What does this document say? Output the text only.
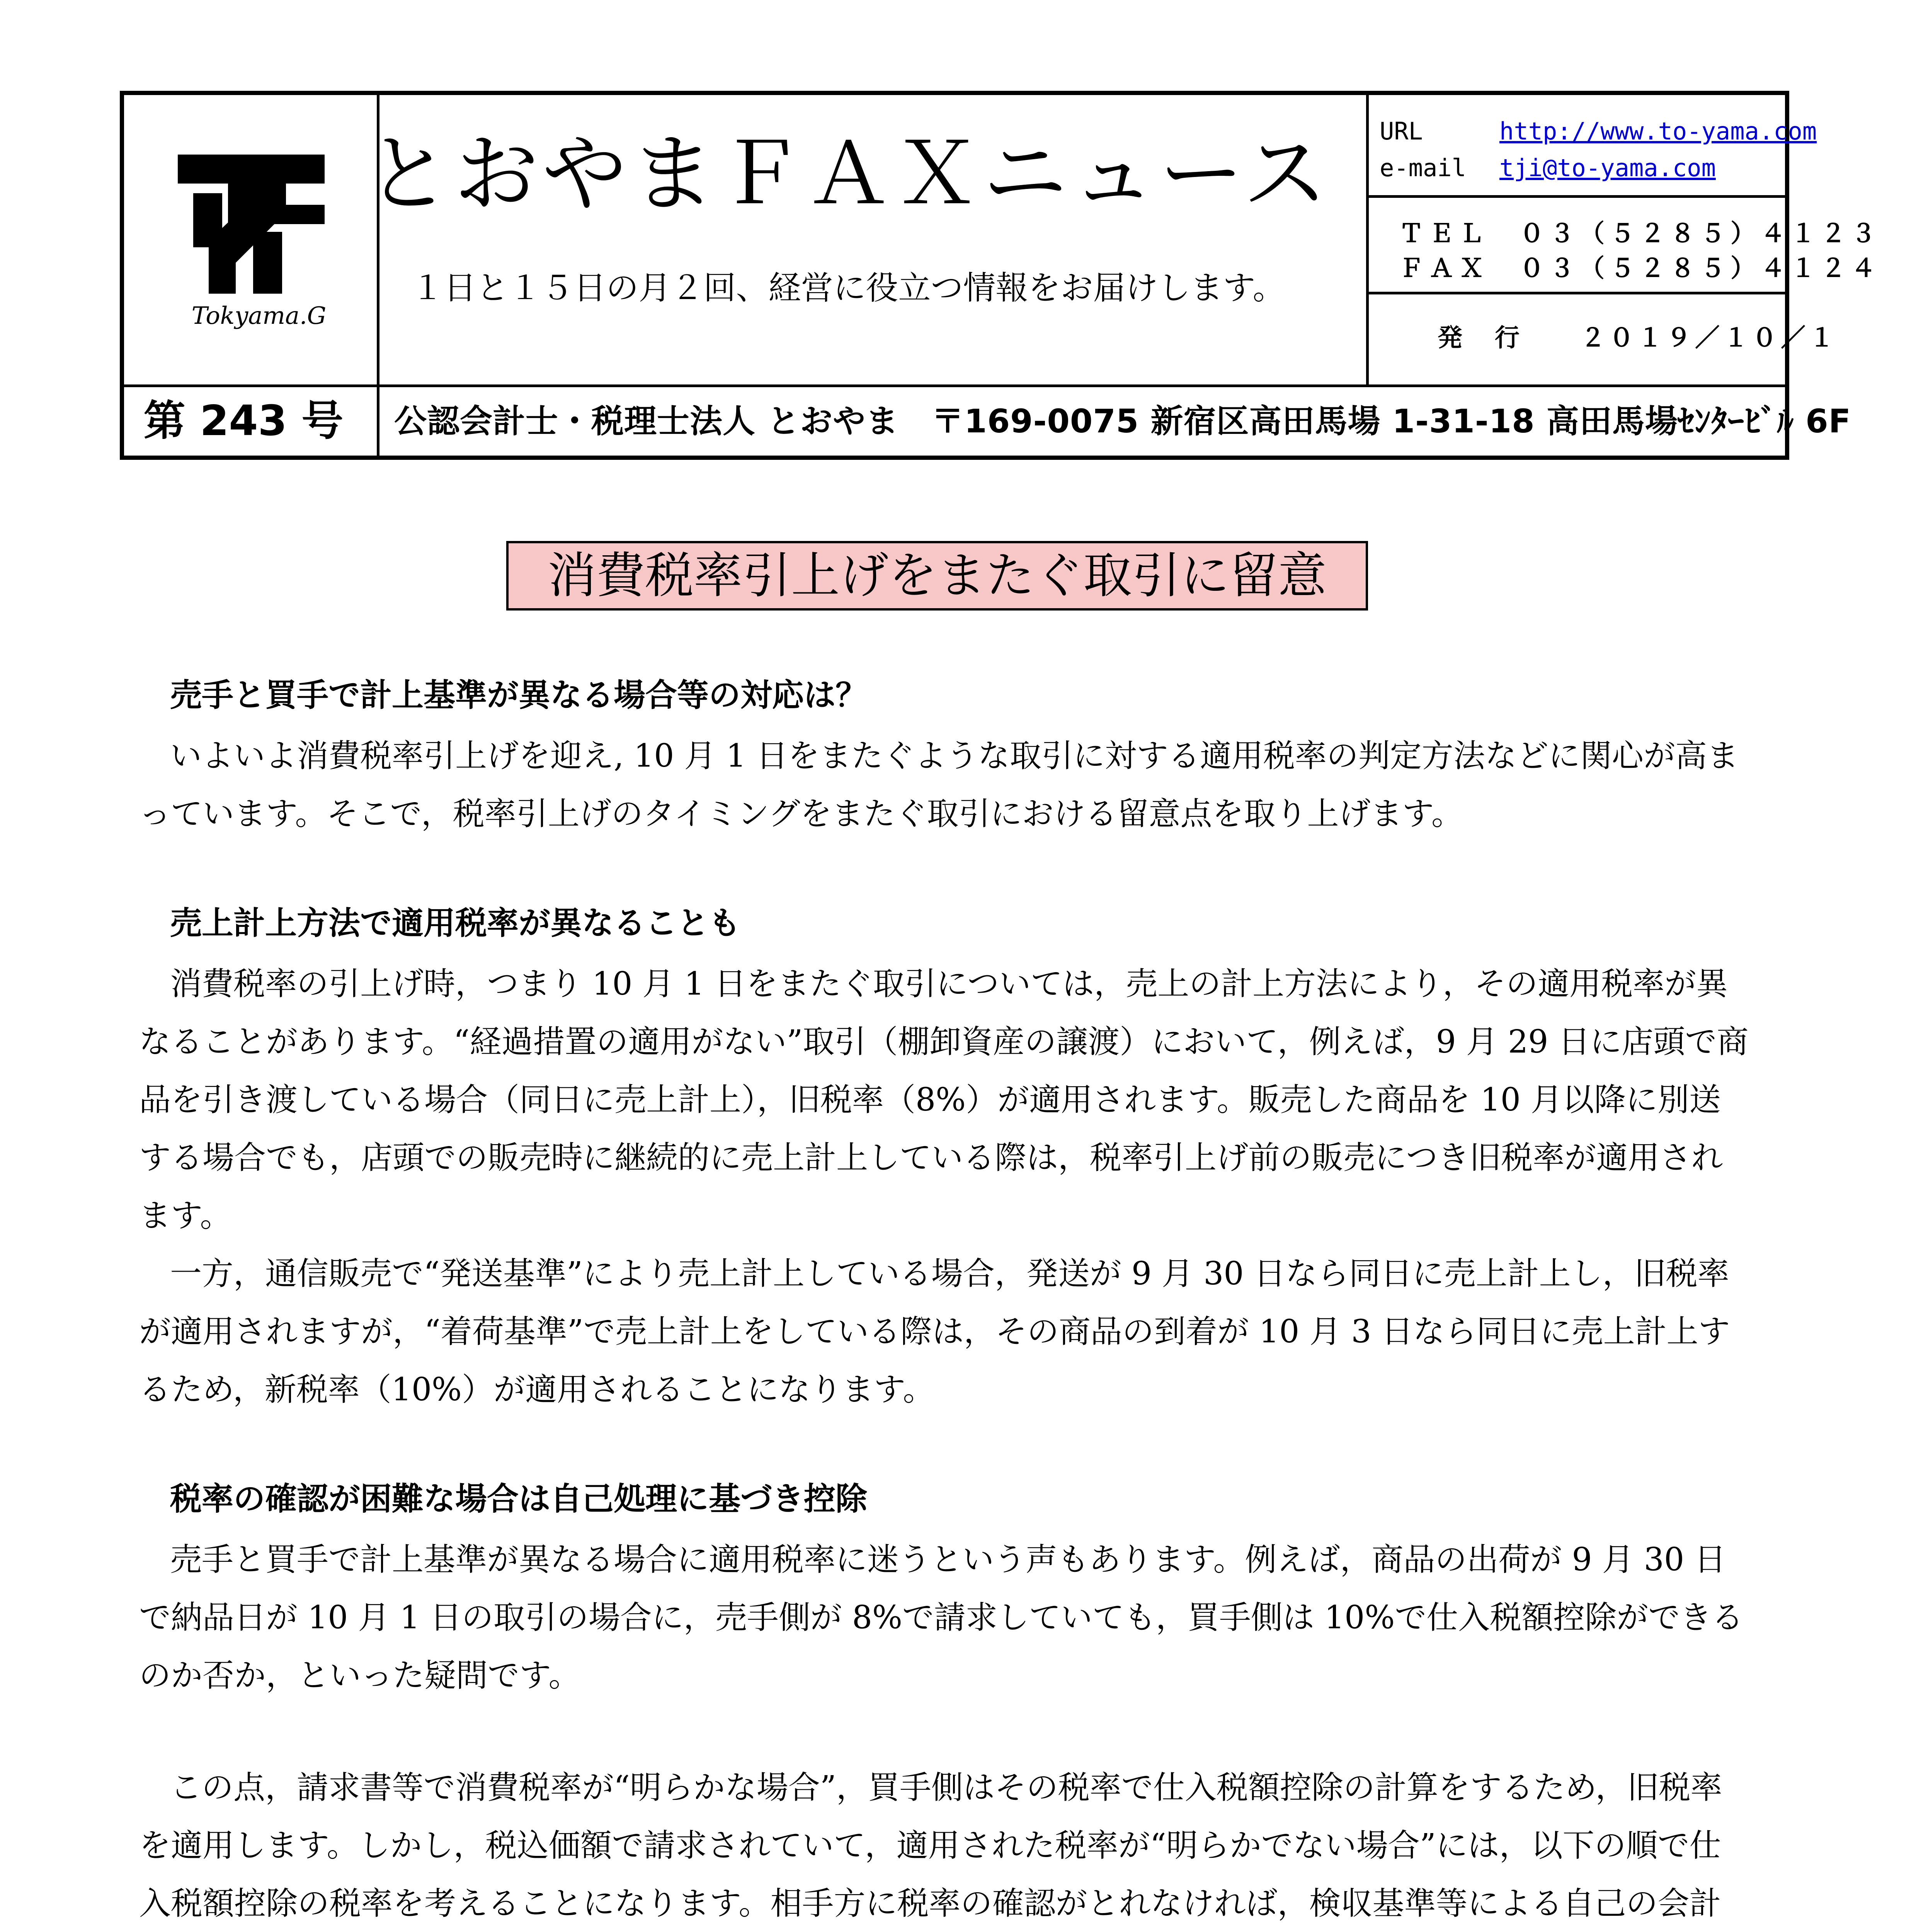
Tokyama.G
とおやまＦＡＸニュース
１日と１５日の月２回、経営に役立つ情報をお届けします。
URL	http://www.to-yama.com
e-mail tji@to-yama.com
ＴＥＬ　０３（５２８５）４１２３
ＦＡＸ　０３（５２８５）４１２４
発　行　　２０１９／１０／１
第 243 号 公認会計士・税理士法人 とおやま　〒169-0075 新宿区高田馬場 1-31-18 高田馬場ｾﾝﾀｰﾋﾞﾙ 6F
消費税率引上げをまたぐ取引に留意
売手と買手で計上基準が異なる場合等の対応は？
いよいよ消費税率引上げを迎え, 10 月 1 日をまたぐような取引に対する適用税率の判定方法などに関心が高ま
っています。そこで，税率引上げのタイミングをまたぐ取引における留意点を取り上げます。
売上計上方法で適用税率が異なることも
消費税率の引上げ時，つまり 10 月 1 日をまたぐ取引については，売上の計上方法により，その適用税率が異
なることがあります。“経過措置の適用がない”取引（棚卸資産の譲渡）において，例えば，9 月 29 日に店頭で商
品を引き渡している場合（同日に売上計上），旧税率（8%）が適用されます。販売した商品を 10 月以降に別送
する場合でも，店頭での販売時に継続的に売上計上している際は，税率引上げ前の販売につき旧税率が適用され
ます。
一方，通信販売で“発送基準”により売上計上している場合，発送が 9 月 30 日なら同日に売上計上し，旧税率
が適用されますが，“着荷基準”で売上計上をしている際は，その商品の到着が 10 月 3 日なら同日に売上計上す
るため，新税率（10%）が適用されることになります。
税率の確認が困難な場合は自己処理に基づき控除
売手と買手で計上基準が異なる場合に適用税率に迷うという声もあります。例えば，商品の出荷が 9 月 30 日
で納品日が 10 月 1 日の取引の場合に，売手側が 8%で請求していても，買手側は 10%で仕入税額控除ができる
のか否か，といった疑問です。
この点，請求書等で消費税率が“明らかな場合”，買手側はその税率で仕入税額控除の計算をするため，旧税率
を適用します。しかし，税込価額で請求されていて，適用された税率が“明らかでない場合”には，以下の順で仕
入税額控除の税率を考えることになります。相手方に税率の確認がとれなければ，検収基準等による自己の会計
